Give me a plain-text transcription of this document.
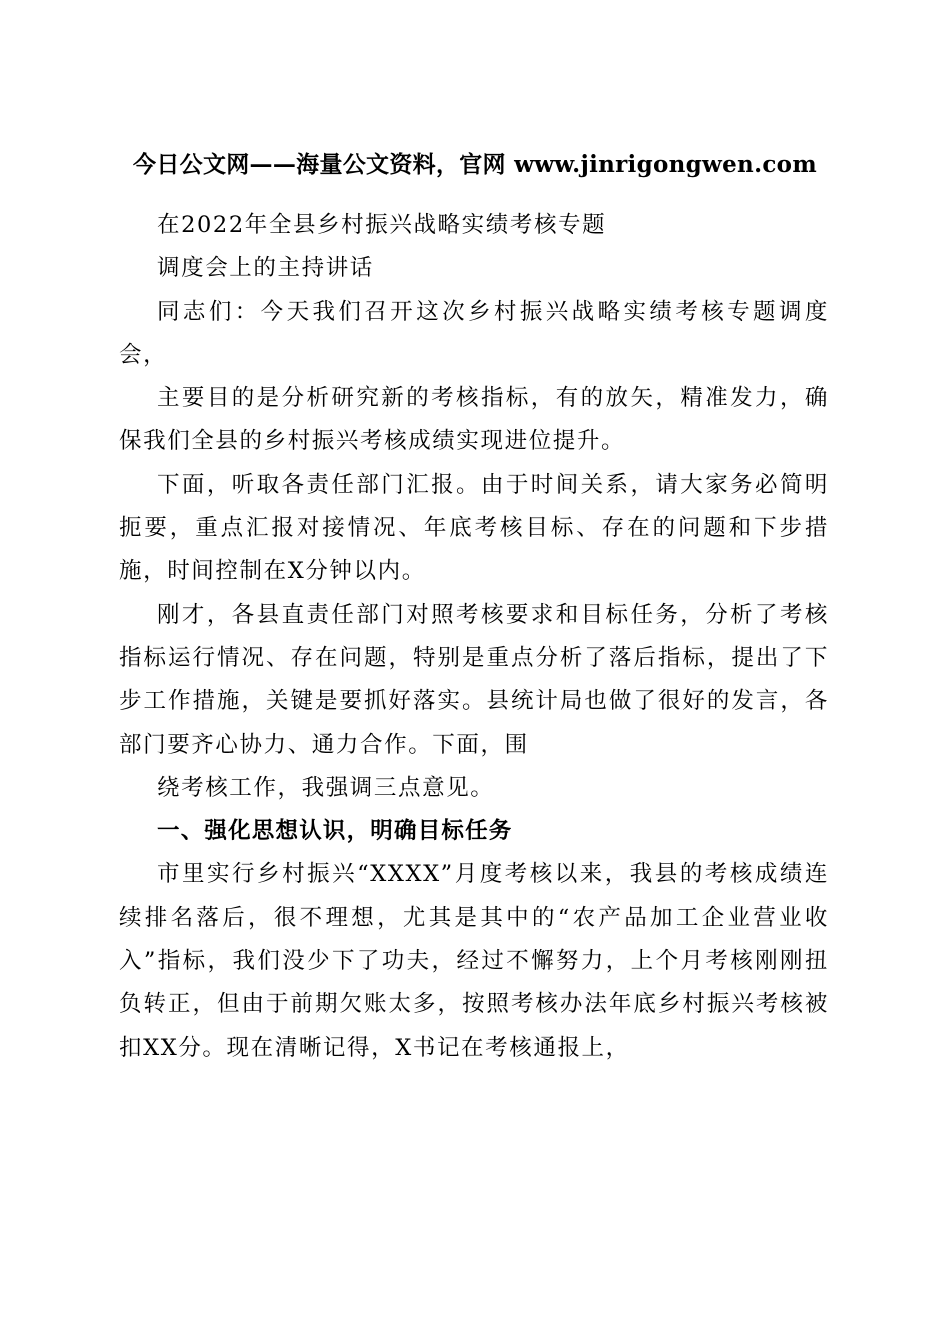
今日公文网——海量公文资料，官网 www.jinrigongwen.com

在2022年全县乡村振兴战略实绩考核专题

调度会上的主持讲话

同志们：今天我们召开这次乡村振兴战略实绩考核专题调度会，

主要目的是分析研究新的考核指标，有的放矢，精准发力，确保我们全县的乡村振兴考核成绩实现进位提升。

下面，听取各责任部门汇报。由于时间关系，请大家务必简明扼要，重点汇报对接情况、年底考核目标、存在的问题和下步措施，时间控制在X分钟以内。

刚才，各县直责任部门对照考核要求和目标任务，分析了考核指标运行情况、存在问题，特别是重点分析了落后指标，提出了下步工作措施，关键是要抓好落实。县统计局也做了很好的发言，各部门要齐心协力、通力合作。下面，围

绕考核工作，我强调三点意见。

一、强化思想认识，明确目标任务

市里实行乡村振兴“XXXX”月度考核以来，我县的考核成绩连续排名落后，很不理想，尤其是其中的“农产品加工企业营业收入”指标，我们没少下了功夫，经过不懈努力，上个月考核刚刚扭负转正，但由于前期欠账太多，按照考核办法年底乡村振兴考核被扣XX分。现在清晰记得，X书记在考核通报上，
